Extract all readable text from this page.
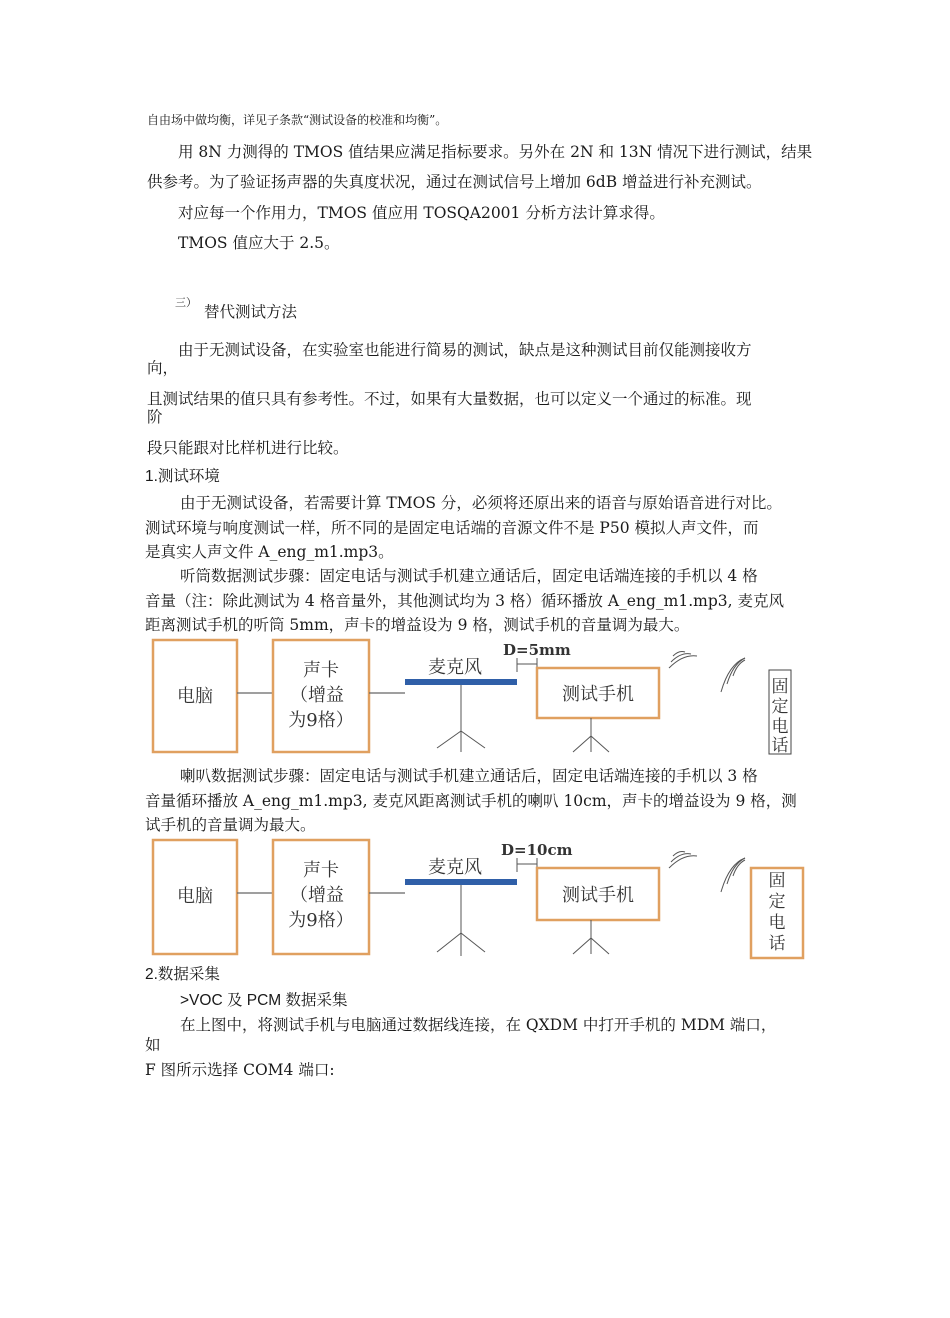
自由场中做均衡，详见子条款“测试设备的校准和均衡”。
用 8N 力测得的 TMOS 值结果应满足指标要求。另外在 2N 和 13N 情况下进行测试，结果
供参考。为了验证扬声器的失真度状况，通过在测试信号上增加 6dB 增益进行补充测试。
对应每一个作用力，TMOS 值应用 TOSQA2001 分析方法计算求得。
TMOS 值应大于 2.5。
三）
替代测试方法
由于无测试设备，在实验室也能进行简易的测试，缺点是这种测试目前仅能测接收方
向，
且测试结果的值只具有参考性。不过，如果有大量数据，也可以定义一个通过的标准。现
阶
段只能跟对比样机进行比较。
1.测试环境
由于无测试设备，若需要计算 TMOS 分，必须将还原出来的语音与原始语音进行对比。
测试环境与响度测试一样，所不同的是固定电话端的音源文件不是 P50 模拟人声文件，而
是真实人声文件 A_eng_m1.mp3。
听筒数据测试步骤：固定电话与测试手机建立通话后，固定电话端连接的手机以 4 格
音量（注：除此测试为 4 格音量外，其他测试均为 3 格）循环播放 A_eng_m1.mp3, 麦克风
距离测试手机的听筒 5mm，声卡的增益设为 9 格，测试手机的音量调为最大。
电脑
声卡
（增益
为9格）
麦克风
D=5mm
测试手机	固
定
电
话
喇叭数据测试步骤：固定电话与测试手机建立通话后，固定电话端连接的手机以 3 格
音量循环播放 A_eng_m1.mp3, 麦克风距离测试手机的喇叭 10cm，声卡的增益设为 9 格，测
试手机的音量调为最大。
电脑
声卡
（增益
为9格）
麦克风
D=10cm
测试手机
固
定
电
话
2.数据采集
>VOC 及 PCM 数据采集
在上图中，将测试手机与电脑通过数据线连接，在 QXDM 中打开手机的 MDM 端口，
如
F 图所示选择 COM4 端口:
